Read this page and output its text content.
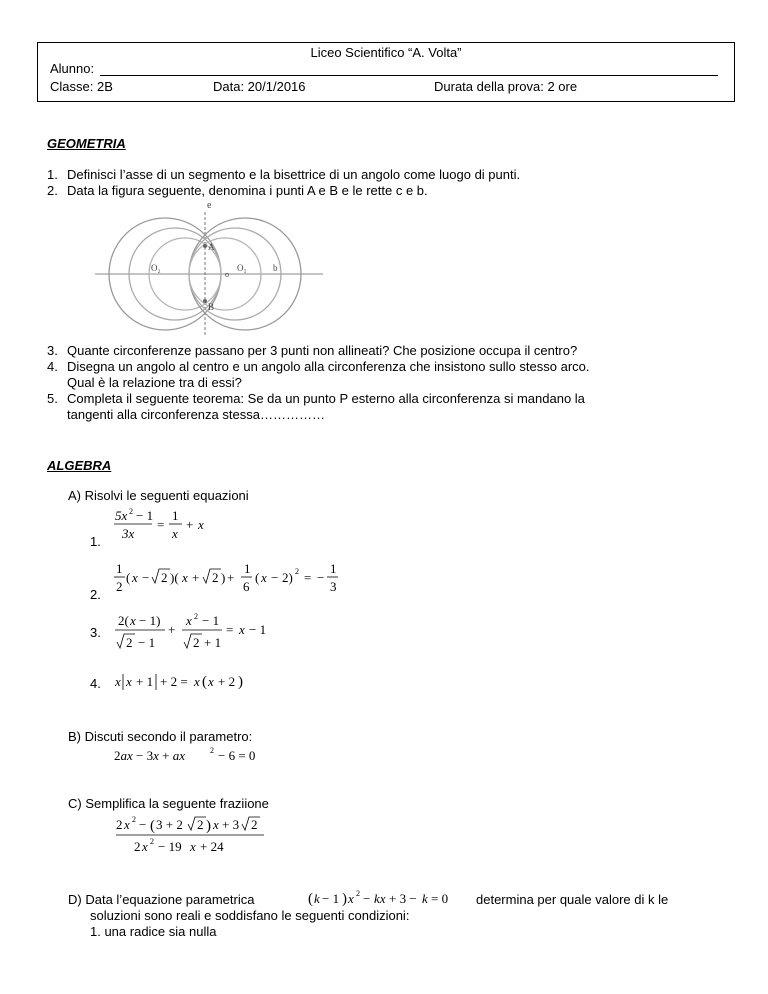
Liceo Scientifico “A. Volta”
Alunno:
Classe: 2B	Data: 20/1/2016	Durata della prova: 2 ore
GEOMETRIA
1. Definisci l’asse di un segmento e la bisettrice di un angolo come luogo di punti.
2. Data la figura seguente, denomina i punti A e B e le rette c e b.
e
A
B
O₂
o
O₁	b
3. Quante circonferenze passano per 3 punti non allineati? Che posizione occupa il centro?
4. Disegna un angolo al centro e un angolo alla circonferenza che insistono sullo stesso arco.
Qual è la relazione tra di essi?
5. Completa il seguente teorema: Se da un punto P esterno alla circonferenza si mandano la
tangenti alla circonferenza stessa……………
ALGEBRA
A) Risolvi le seguenti equazioni
1.
5x 2 − 1
3x
=
1
x
+ x
2.
1
2
( x − 2 )( x + 2 ) +
1
6
( x − 2) 2 = −
1
3
3.
2( x − 1)
2 − 1
+
x 2 − 1
2 + 1
= x − 1
4. x x + 1 + 2 = x ( x + 2 )
B) Discuti secondo il parametro:
2ax − 3x + ax	2 − 6 = 0
C) Semplifica la seguente fraziione
2 x 2 − ( 3 + 2 2 ) x + 3 2
2 x 2 − 19 x + 24
D) Data l’equazione parametrica	( k − 1 ) x 2 − kx + 3 − k = 0 determina per quale valore di k le
soluzioni sono reali e soddisfano le seguenti condizioni:
1. una radice sia nulla
